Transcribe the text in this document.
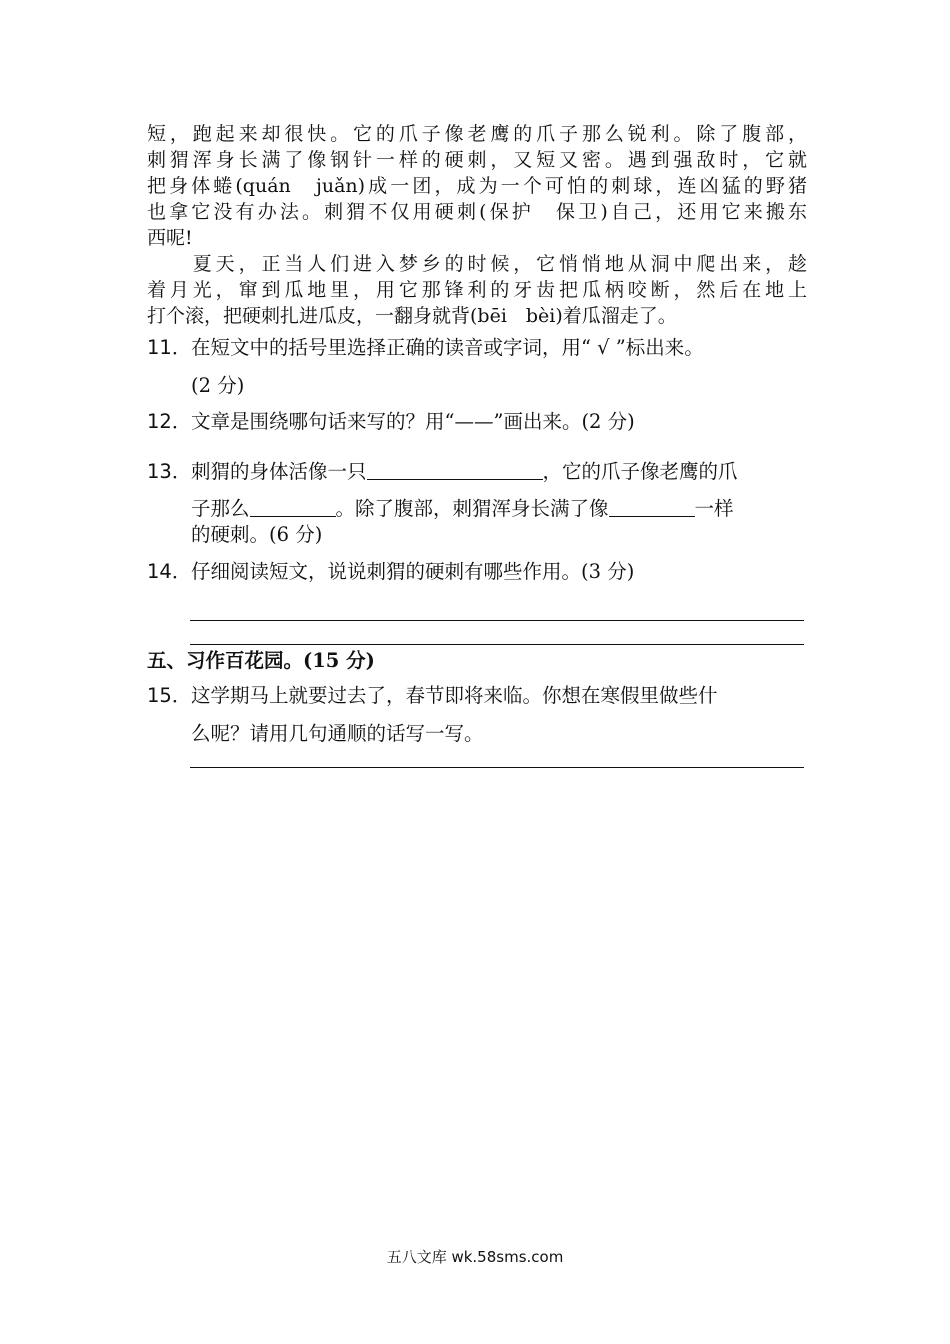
短，跑起来却很快。它的爪子像老鹰的爪子那么锐利。除了腹部，
刺猬浑身长满了像钢针一样的硬刺，又短又密。遇到强敌时，它就
把身体蜷(quán　juǎn)成一团，成为一个可怕的刺球，连凶猛的野猪
也拿它没有办法。刺猬不仅用硬刺(保护　保卫)自己，还用它来搬东
西呢!
　　夏天，正当人们进入梦乡的时候，它悄悄地从洞中爬出来，趁
着月光，窜到瓜地里，用它那锋利的牙齿把瓜柄咬断，然后在地上
打个滚，把硬刺扎进瓜皮，一翻身就背(bēi　bèi)着瓜溜走了。
11．在短文中的括号里选择正确的读音或字词，用“ √ ”标出来。
(2 分)
12．文章是围绕哪句话来写的？用“——”画出来。(2 分)
13．刺猬的身体活像一只	，它的爪子像老鹰的爪
子那么	。除了腹部，刺猬浑身长满了像	一样
的硬刺。(6 分)
14．仔细阅读短文，说说刺猬的硬刺有哪些作用。(3 分)
五、习作百花园。(15 分)
15．这学期马上就要过去了，春节即将来临。你想在寒假里做些什
么呢？请用几句通顺的话写一写。
五八文库 wk.58sms.com
